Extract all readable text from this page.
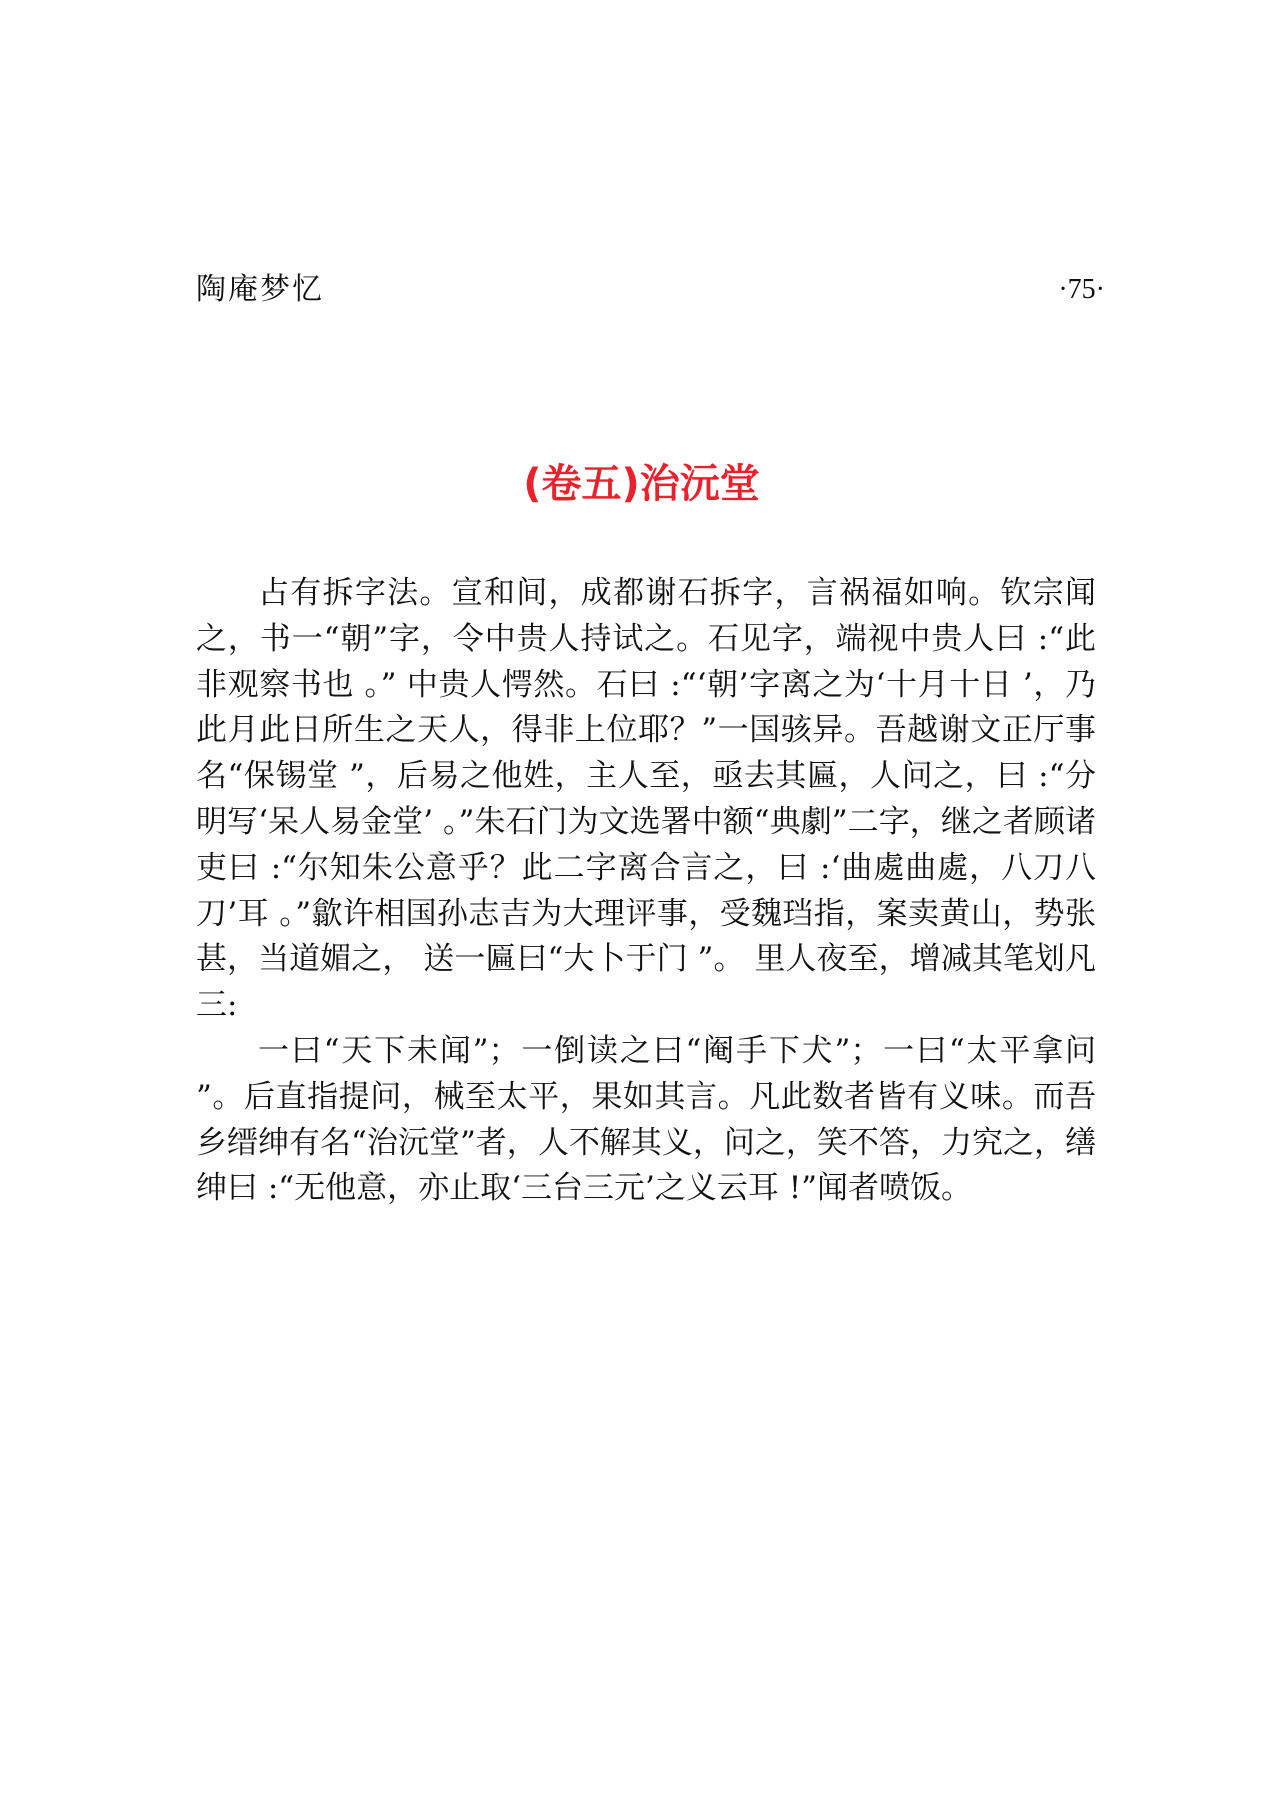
陶庵梦忆	·75·
(卷五)治沅堂

占有拆字法。宣和间，成都谢石拆字，言祸福如响。钦宗闻之，书一“朝”字，令中贵人持试之。石见字，端视中贵人曰 :“此非观察书也 。” 中贵人愕然。石曰 :“‘朝’字离之为‘十月十日 ’，乃此月此日所生之天人，得非上位耶？”一国骇异。吾越谢文正厅事名“保锡堂 ”，后易之他姓，主人至，亟去其匾，人问之，曰 :“分明写‘呆人易金堂’ 。”朱石门为文选署中额“典劇”二字，继之者顾诸吏曰 :“尔知朱公意乎？此二字离合言之，曰 :‘曲處曲處，八刀八刀’耳 。”歙许相国孙志吉为大理评事，受魏珰指，案卖黄山，势张甚，当道媚之， 送一匾曰“大卜于门 ”。 里人夜至，增减其笔划凡三:

一曰“天下未闻”；一倒读之曰“阉手下犬”；一曰“太平拿问 ”。后直指提问，械至太平，果如其言。凡此数者皆有义味。而吾乡缙绅有名“治沅堂”者，人不解其义，问之，笑不答，力究之，缮绅曰 :“无他意，亦止取‘三台三元’之义云耳 !”闻者喷饭。
